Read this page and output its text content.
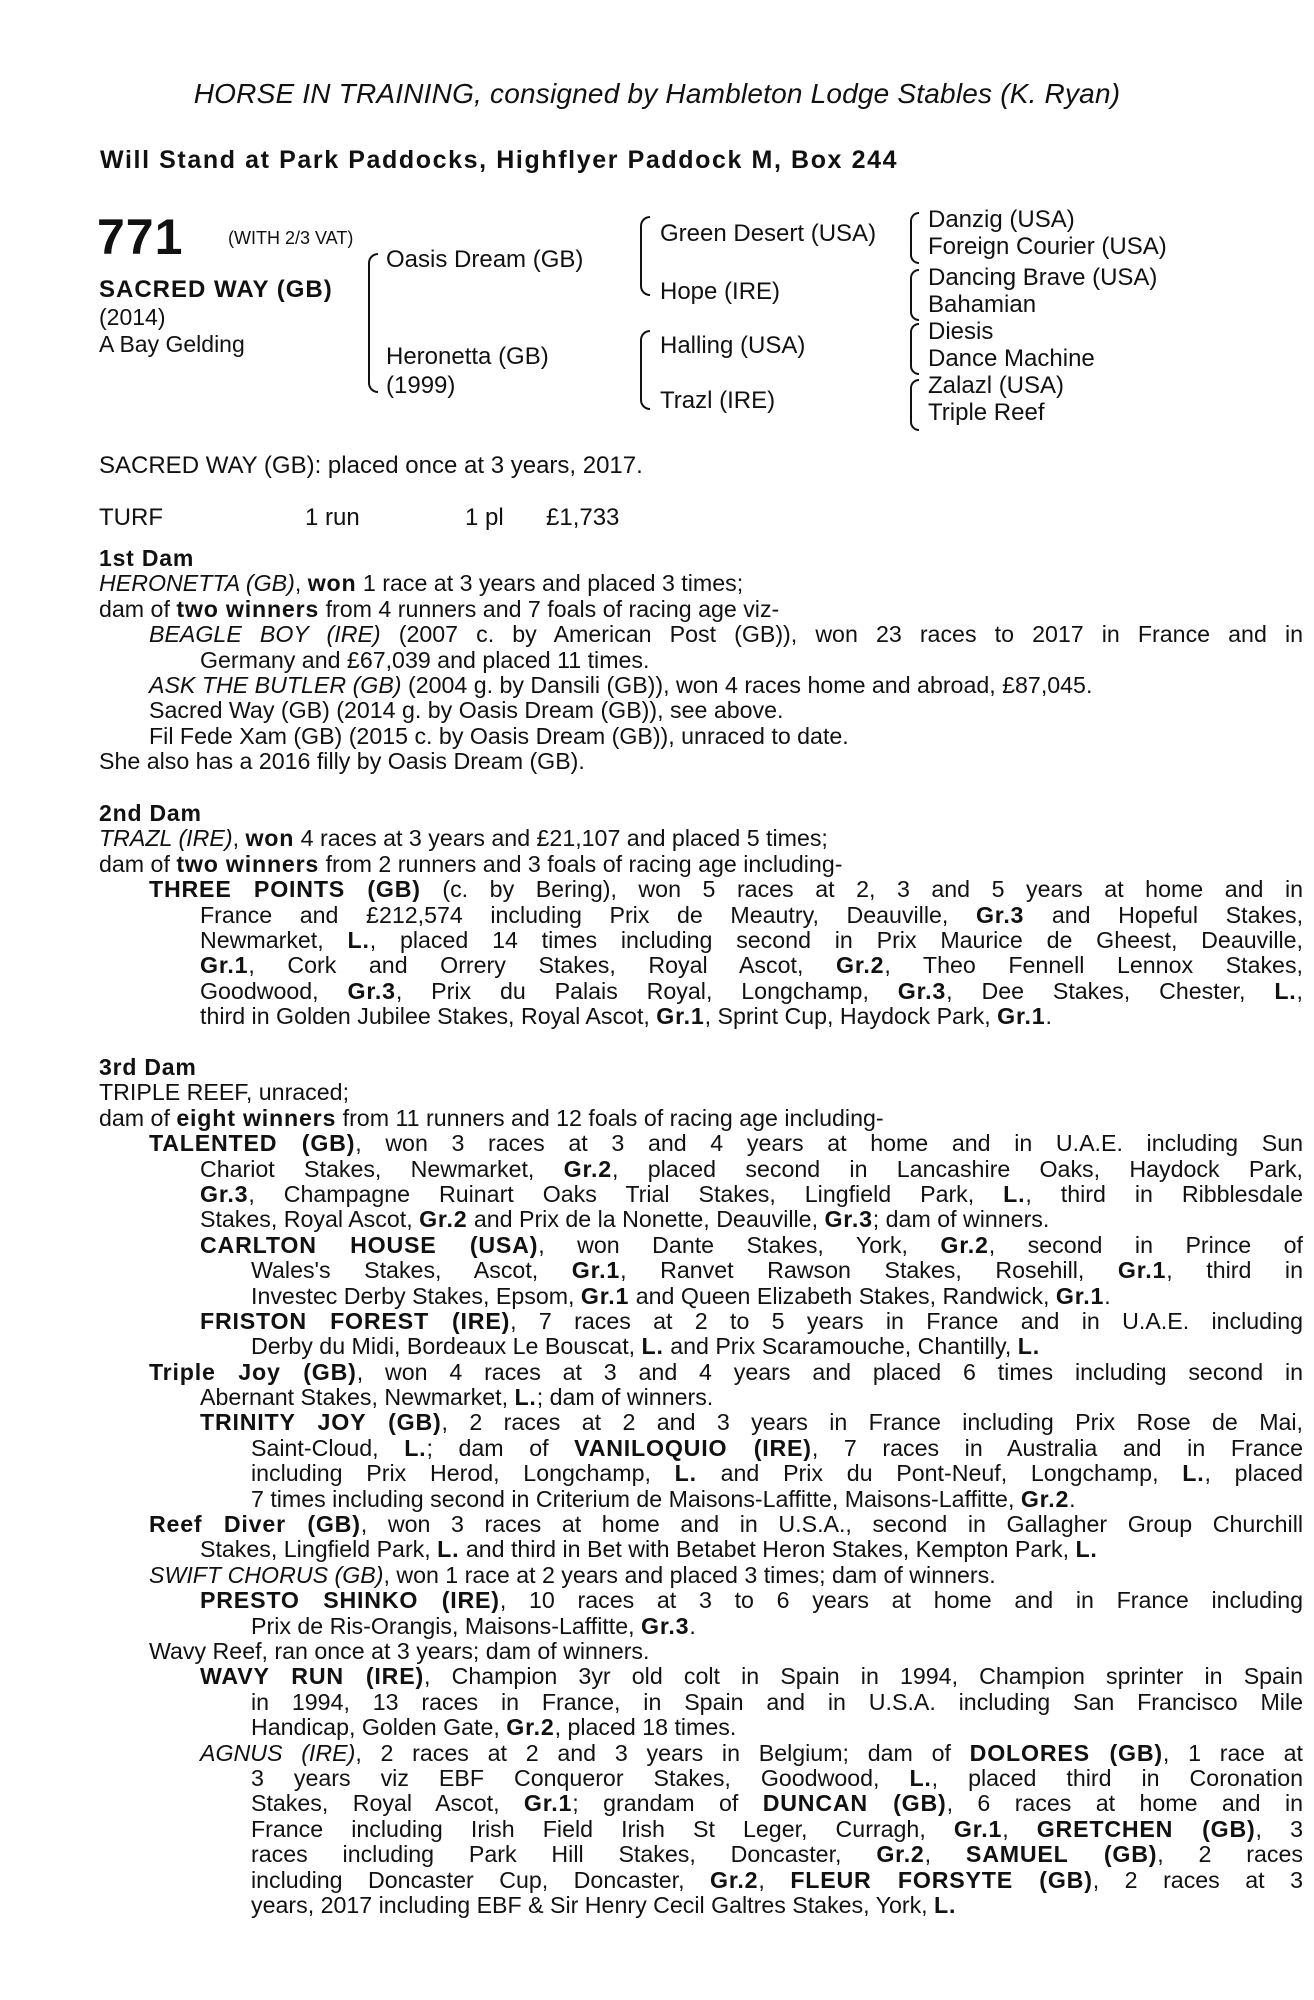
HORSE IN TRAINING, consigned by Hambleton Lodge Stables (K. Ryan)
Will Stand at Park Paddocks, Highflyer Paddock M, Box 244
771 (WITH 2/3 VAT)
SACRED WAY (GB)
(2014)
A Bay Gelding
Oasis Dream (GB)
Heronetta (GB)
(1999)
Green Desert (USA)
Hope (IRE)
Halling (USA)
Trazl (IRE)
Danzig (USA)
Foreign Courier (USA)
Dancing Brave (USA)
Bahamian
Diesis
Dance Machine
Zalazl (USA)
Triple Reef
SACRED WAY (GB): placed once at 3 years, 2017.
TURF	1 run	1 pl £1,733
1st Dam
HERONETTA (GB), won 1 race at 3 years and placed 3 times;
dam of two winners from 4 runners and 7 foals of racing age viz-
BEAGLE BOY (IRE) (2007 c. by American Post (GB)), won 23 races to 2017 in France and in
Germany and £67,039 and placed 11 times.
ASK THE BUTLER (GB) (2004 g. by Dansili (GB)), won 4 races home and abroad, £87,045.
Sacred Way (GB) (2014 g. by Oasis Dream (GB)), see above.
Fil Fede Xam (GB) (2015 c. by Oasis Dream (GB)), unraced to date.
She also has a 2016 filly by Oasis Dream (GB).
2nd Dam
TRAZL (IRE), won 4 races at 3 years and £21,107 and placed 5 times;
dam of two winners from 2 runners and 3 foals of racing age including-
THREE POINTS (GB) (c. by Bering), won 5 races at 2, 3 and 5 years at home and in
France and £212,574 including Prix de Meautry, Deauville, Gr.3 and Hopeful Stakes,
Newmarket, L., placed 14 times including second in Prix Maurice de Gheest, Deauville,
Gr.1, Cork and Orrery Stakes, Royal Ascot, Gr.2, Theo Fennell Lennox Stakes,
Goodwood, Gr.3, Prix du Palais Royal, Longchamp, Gr.3, Dee Stakes, Chester, L.,
third in Golden Jubilee Stakes, Royal Ascot, Gr.1, Sprint Cup, Haydock Park, Gr.1.
3rd Dam
TRIPLE REEF, unraced;
dam of eight winners from 11 runners and 12 foals of racing age including-
TALENTED (GB), won 3 races at 3 and 4 years at home and in U.A.E. including Sun
Chariot Stakes, Newmarket, Gr.2, placed second in Lancashire Oaks, Haydock Park,
Gr.3, Champagne Ruinart Oaks Trial Stakes, Lingfield Park, L., third in Ribblesdale
Stakes, Royal Ascot, Gr.2 and Prix de la Nonette, Deauville, Gr.3; dam of winners.
CARLTON HOUSE (USA), won Dante Stakes, York, Gr.2, second in Prince of
Wales's Stakes, Ascot, Gr.1, Ranvet Rawson Stakes, Rosehill, Gr.1, third in
Investec Derby Stakes, Epsom, Gr.1 and Queen Elizabeth Stakes, Randwick, Gr.1.
FRISTON FOREST (IRE), 7 races at 2 to 5 years in France and in U.A.E. including
Derby du Midi, Bordeaux Le Bouscat, L. and Prix Scaramouche, Chantilly, L.
Triple Joy (GB), won 4 races at 3 and 4 years and placed 6 times including second in
Abernant Stakes, Newmarket, L.; dam of winners.
TRINITY JOY (GB), 2 races at 2 and 3 years in France including Prix Rose de Mai,
Saint-Cloud, L.; dam of VANILOQUIO (IRE), 7 races in Australia and in France
including Prix Herod, Longchamp, L. and Prix du Pont-Neuf, Longchamp, L., placed
7 times including second in Criterium de Maisons-Laffitte, Maisons-Laffitte, Gr.2.
Reef Diver (GB), won 3 races at home and in U.S.A., second in Gallagher Group Churchill
Stakes, Lingfield Park, L. and third in Bet with Betabet Heron Stakes, Kempton Park, L.
SWIFT CHORUS (GB), won 1 race at 2 years and placed 3 times; dam of winners.
PRESTO SHINKO (IRE), 10 races at 3 to 6 years at home and in France including
Prix de Ris-Orangis, Maisons-Laffitte, Gr.3.
Wavy Reef, ran once at 3 years; dam of winners.
WAVY RUN (IRE), Champion 3yr old colt in Spain in 1994, Champion sprinter in Spain
in 1994, 13 races in France, in Spain and in U.S.A. including San Francisco Mile
Handicap, Golden Gate, Gr.2, placed 18 times.
AGNUS (IRE), 2 races at 2 and 3 years in Belgium; dam of DOLORES (GB), 1 race at
3 years viz EBF Conqueror Stakes, Goodwood, L., placed third in Coronation
Stakes, Royal Ascot, Gr.1; grandam of DUNCAN (GB), 6 races at home and in
France including Irish Field Irish St Leger, Curragh, Gr.1, GRETCHEN (GB), 3
races including Park Hill Stakes, Doncaster, Gr.2, SAMUEL (GB), 2 races
including Doncaster Cup, Doncaster, Gr.2, FLEUR FORSYTE (GB), 2 races at 3
years, 2017 including EBF & Sir Henry Cecil Galtres Stakes, York, L.
